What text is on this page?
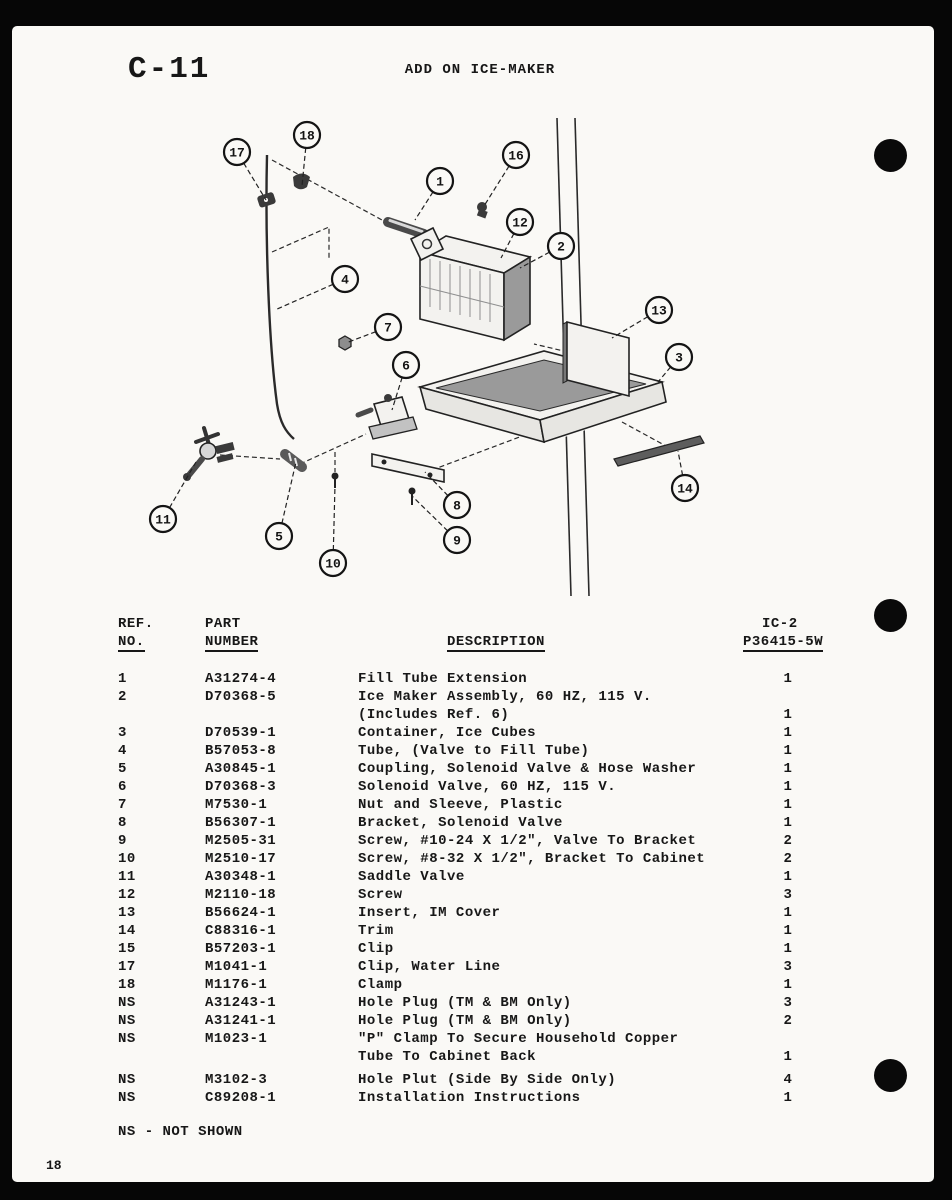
C-11	ADD ON ICE-MAKER
17
18
1
16
12
2
4
7
13
3
6
14
11
5
10
8
9
REF.
NO.
PART
NUMBER	DESCRIPTION
IC-2
P36415-5W
1	A31274-4	Fill Tube Extension	1
2	D70368-5	Ice Maker Assembly, 60 HZ, 115 V.
(Includes Ref. 6)	1
3	D70539-1	Container, Ice Cubes	1
4	B57053-8	Tube, (Valve to Fill Tube)	1
5	A30845-1	Coupling, Solenoid Valve & Hose Washer	1
6	D70368-3	Solenoid Valve, 60 HZ, 115 V.	1
7	M7530-1	Nut and Sleeve, Plastic	1
8	B56307-1	Bracket, Solenoid Valve	1
9	M2505-31	Screw, #10-24 X 1/2", Valve To Bracket	2
10	M2510-17	Screw, #8-32 X 1/2", Bracket To Cabinet	2
11	A30348-1	Saddle Valve	1
12	M2110-18	Screw	3
13	B56624-1	Insert, IM Cover	1
14	C88316-1	Trim	1
15	B57203-1	Clip	1
17	M1041-1	Clip, Water Line	3
18	M1176-1	Clamp	1
NS	A31243-1	Hole Plug (TM & BM Only)	3
NS	A31241-1	Hole Plug (TM & BM Only)	2
NS	M1023-1	"P" Clamp To Secure Household Copper
Tube To Cabinet Back	1
NS	M3102-3	Hole Plut (Side By Side Only)	4
NS	C89208-1	Installation Instructions	1
NS - NOT SHOWN
18
